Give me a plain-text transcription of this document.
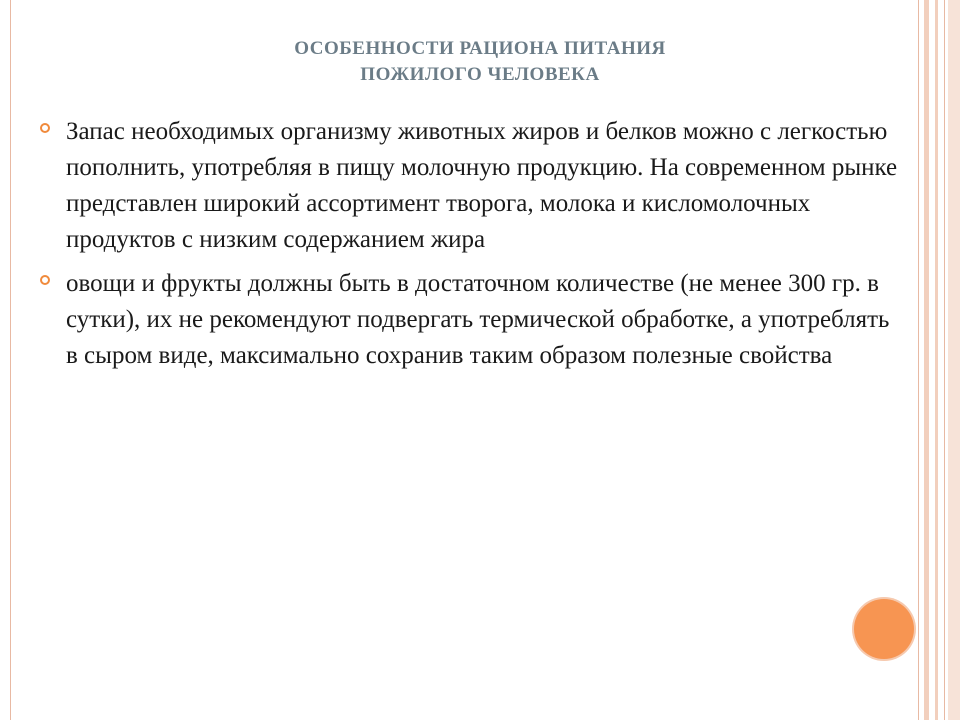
ОСОБЕННОСТИ РАЦИОНА ПИТАНИЯ
ПОЖИЛОГО ЧЕЛОВЕКА
Запас необходимых организму животных жиров и белков можно с легкостью пополнить, употребляя в пищу молочную продукцию. На современном рынке представлен широкий ассортимент творога, молока и кисломолочных продуктов с низким содержанием жира
овощи и фрукты должны быть в достаточном количестве (не менее 300 гр. в сутки), их не рекомендуют подвергать термической обработке, а употреблять в сыром виде, максимально сохранив таким образом полезные свойства
